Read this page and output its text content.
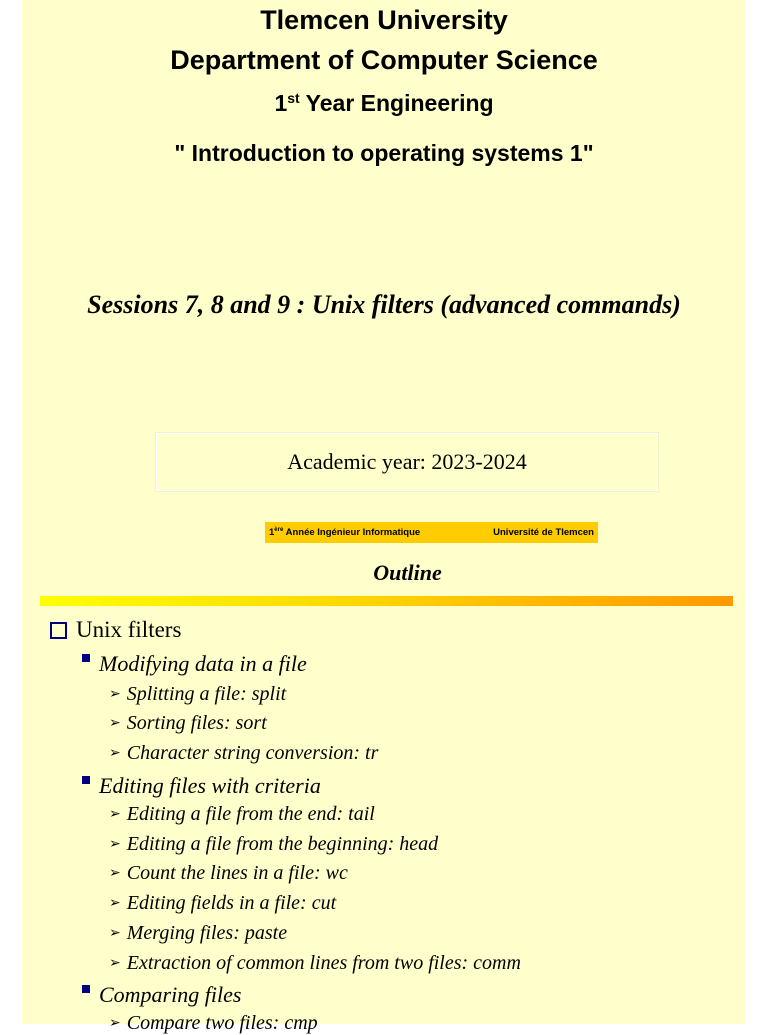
Tlemcen University
Department of Computer Science
1st Year Engineering
" Introduction to operating systems 1"
Sessions 7, 8 and 9 : Unix filters (advanced commands)
Academic year: 2023-2024
1ère Année Ingénieur Informatique	Université de Tlemcen
Outline
Unix filters
Modifying data in a file
➢ Splitting a file: split
➢ Sorting files: sort
➢ Character string conversion: tr
Editing files with criteria
➢ Editing a file from the end: tail
➢ Editing a file from the beginning: head
➢ Count the lines in a file: wc
➢ Editing fields in a file: cut
➢ Merging files: paste
➢ Extraction of common lines from two files: comm
Comparing files
➢ Compare two files: cmp
